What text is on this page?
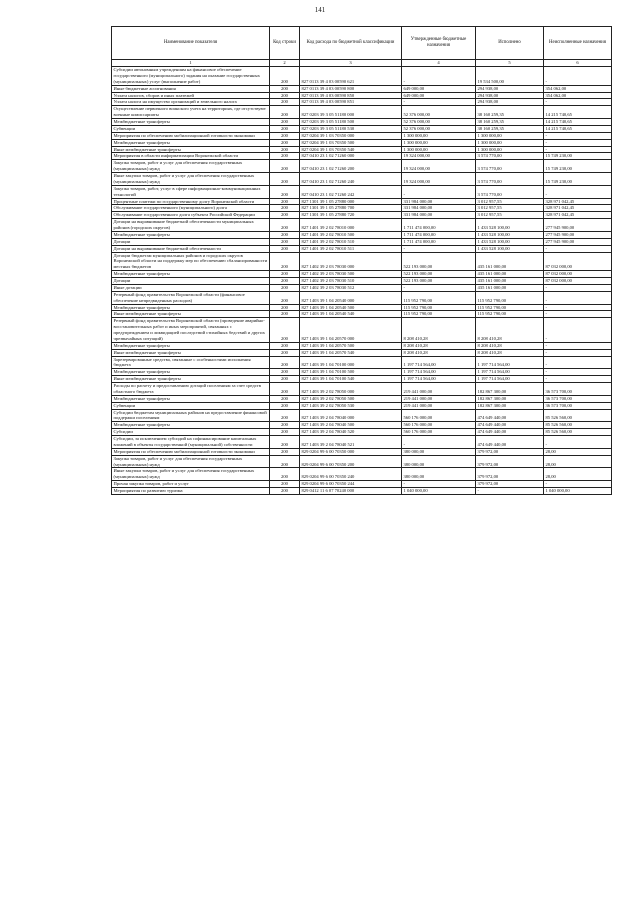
141
Наименование показателя	Код строки	Код расхода по бюджетной классификации	Утвержденные бюджетные назначения	Исполнено	Неисполненные назначения
1	2	3	4	5	6
Субсидии автономным учреждениям на финансовое обеспечение государственного (муниципального) задания на оказание государственных (муниципальных) услуг (выполнение работ)	200	827 0113 39 4 03 00590 621	-	19 534 500,00	-
Иные бюджетные ассигнования	200	827 0113 39 4 03 00590 800	649 000,00	294 938,00	354 062,00
Уплата налогов, сборов и иных платежей	200	827 0113 39 4 03 00590 850	649 000,00	294 938,00	354 062,00
Уплата налога на имущество организаций и земельного налога	200	827 0113 39 4 03 00590 851	-	294 938,00	-
Осуществление первичного воинского учета на территориях, где отсутствуют военные комиссариаты	200	827 0203 39 3 05 51180 000	52 376 000,00	38 160 259,35	14 215 740,65
Межбюджетные трансферты	200	827 0203 39 3 05 51180 500	52 376 000,00	38 160 259,35	14 215 740,65
Субвенции	200	827 0203 39 3 05 51180 530	52 376 000,00	38 160 259,35	14 215 740,65
Мероприятия по обеспечению мобилизационной готовности экономики	200	827 0204 39 1 03 70350 000	1 300 000,00	1 300 000,00	-
Межбюджетные трансферты	200	827 0204 39 1 03 70350 500	1 300 000,00	1 300 000,00	-
Иные межбюджетные трансферты	200	827 0204 39 1 03 70350 540	1 300 000,00	1 300 000,00	-
Мероприятия в области информатизации Воронежской области	200	827 0410 23 1 02 71260 000	19 324 000,00	3 574 770,00	15 749 230,00
Закупка товаров, работ и услуг для обеспечения государственных (муниципальных) нужд	200	827 0410 23 1 02 71260 200	19 324 000,00	3 574 770,00	15 749 230,00
Иные закупки товаров, работ и услуг для обеспечения государственных (муниципальных) нужд	200	827 0410 23 1 02 71260 240	19 324 000,00	3 574 770,00	15 749 230,00
Закупка товаров, работ, услуг в сфере информационно-коммуникационных технологий	200	827 0410 23 1 02 71260 242	-	3 574 770,00	-
Процентные платежи по государственному долгу Воронежской области	200	827 1301 39 1 05 27880 000	331 984 000,00	3 012 957,55	328 971 042,45
Обслуживание государственного (муниципального) долга	200	827 1301 39 1 05 27880 700	331 984 000,00	3 012 957,55	328 971 042,45
Обслуживание государственного долга субъекта Российской Федерации	200	827 1301 39 1 05 27880 720	331 984 000,00	3 012 957,55	328 971 042,45
Дотации на выравнивание бюджетной обеспеченности муниципальных районов (городских округов)	200	827 1401 39 2 02 78010 000	1 711 474 000,00	1 433 528 100,00	277 945 900,00
Межбюджетные трансферты	200	827 1401 39 2 02 78010 500	1 711 474 000,00	1 433 528 100,00	277 945 900,00
Дотации	200	827 1401 39 2 02 78010 510	1 711 474 000,00	1 433 528 100,00	277 945 900,00
Дотации на выравнивание бюджетной обеспеченности	200	827 1401 39 2 02 78010 511	-	1 433 528 100,00	-
Дотации бюджетам муниципальных районов и городских округов Воронежской области на поддержку мер по обеспечению сбалансированности местных бюджетов	200	827 1402 39 2 03 78030 000	522 193 000,00	435 161 000,00	87 032 000,00
Межбюджетные трансферты	200	827 1402 39 2 03 78030 500	522 193 000,00	435 161 000,00	87 032 000,00
Дотации	200	827 1402 39 2 03 78030 510	522 193 000,00	435 161 000,00	87 032 000,00
Иные дотации	200	827 1402 39 2 03 78030 512	-	435 161 000,00	-
Резервный фонд правительства Воронежской области (финансовое обеспечение непредвиденных расходов)	200	827 1403 39 1 04 20540 000	115 952 790,00	115 952 790,00	-
Межбюджетные трансферты	200	827 1403 39 1 04 20540 500	115 952 790,00	115 952 790,00	-
Иные межбюджетные трансферты	200	827 1403 39 1 04 20540 540	115 952 790,00	115 952 790,00	-
Резервный фонд правительства Воронежской области (проведение аварийно-восстановительных работ и иных мероприятий, связанных с предупреждением и ликвидацией последствий стихийных бедствий и других чрезвычайных ситуаций)	200	827 1403 39 1 04 20570 000	8 208 410,28	8 208 410,28	-
Межбюджетные трансферты	200	827 1403 39 1 04 20570 500	8 208 410,28	8 208 410,28	-
Иные межбюджетные трансферты	200	827 1403 39 1 04 20570 540	8 208 410,28	8 208 410,28	-
Зарезервированные средства, связанные с особенностями исполнения бюджета	200	827 1403 39 1 04 70100 000	1 197 714 564,00	1 197 714 564,00	-
Межбюджетные трансферты	200	827 1403 39 1 04 70100 500	1 197 714 564,00	1 197 714 564,00	-
Иные межбюджетные трансферты	200	827 1403 39 1 04 70100 540	1 197 714 564,00	1 197 714 564,00	-
Расходы по расчету и предоставлению дотаций поселениям за счет средств областного бюджета	200	827 1403 39 2 02 78050 000	219 441 000,00	182 867 300,00	36 573 700,00
Межбюджетные трансферты	200	827 1403 39 2 02 78050 500	219 441 000,00	182 867 300,00	36 573 700,00
Субвенции	200	827 1403 39 2 02 78050 530	219 441 000,00	182 867 300,00	36 573 700,00
Субсидии бюджетам муниципальных районов на предоставление финансовой поддержки поселениям	200	827 1403 39 2 04 78040 000	560 176 000,00	474 649 440,00	85 526 560,00
Межбюджетные трансферты	200	827 1403 39 2 04 78040 500	560 176 000,00	474 649 440,00	85 526 560,00
Субсидии	200	827 1403 39 2 04 78040 520	560 176 000,00	474 649 440,00	85 526 560,00
Субсидии, за исключением субсидий на софинансирование капитальных вложений в объекты государственной (муниципальной) собственности	200	827 1403 39 2 04 78040 521	-	474 649 440,00	-
Мероприятия по обеспечению мобилизационной готовности экономики	200	829 0204 99 6 00 70350 000	380 000,00	379 972,00	28,00
Закупка товаров, работ и услуг для обеспечения государственных (муниципальных) нужд	200	829 0204 99 6 00 70350 200	380 000,00	379 972,00	28,00
Иные закупки товаров, работ и услуг для обеспечения государственных (муниципальных) нужд	200	829 0204 99 6 00 70350 240	380 000,00	379 972,00	28,00
Прочая закупка товаров, работ и услуг	200	829 0204 99 6 00 70350 244	-	379 972,00	-
Мероприятия по развитию туризма	200	829 0412 11 6 07 70240 000	1 040 000,00	-	1 040 000,00
